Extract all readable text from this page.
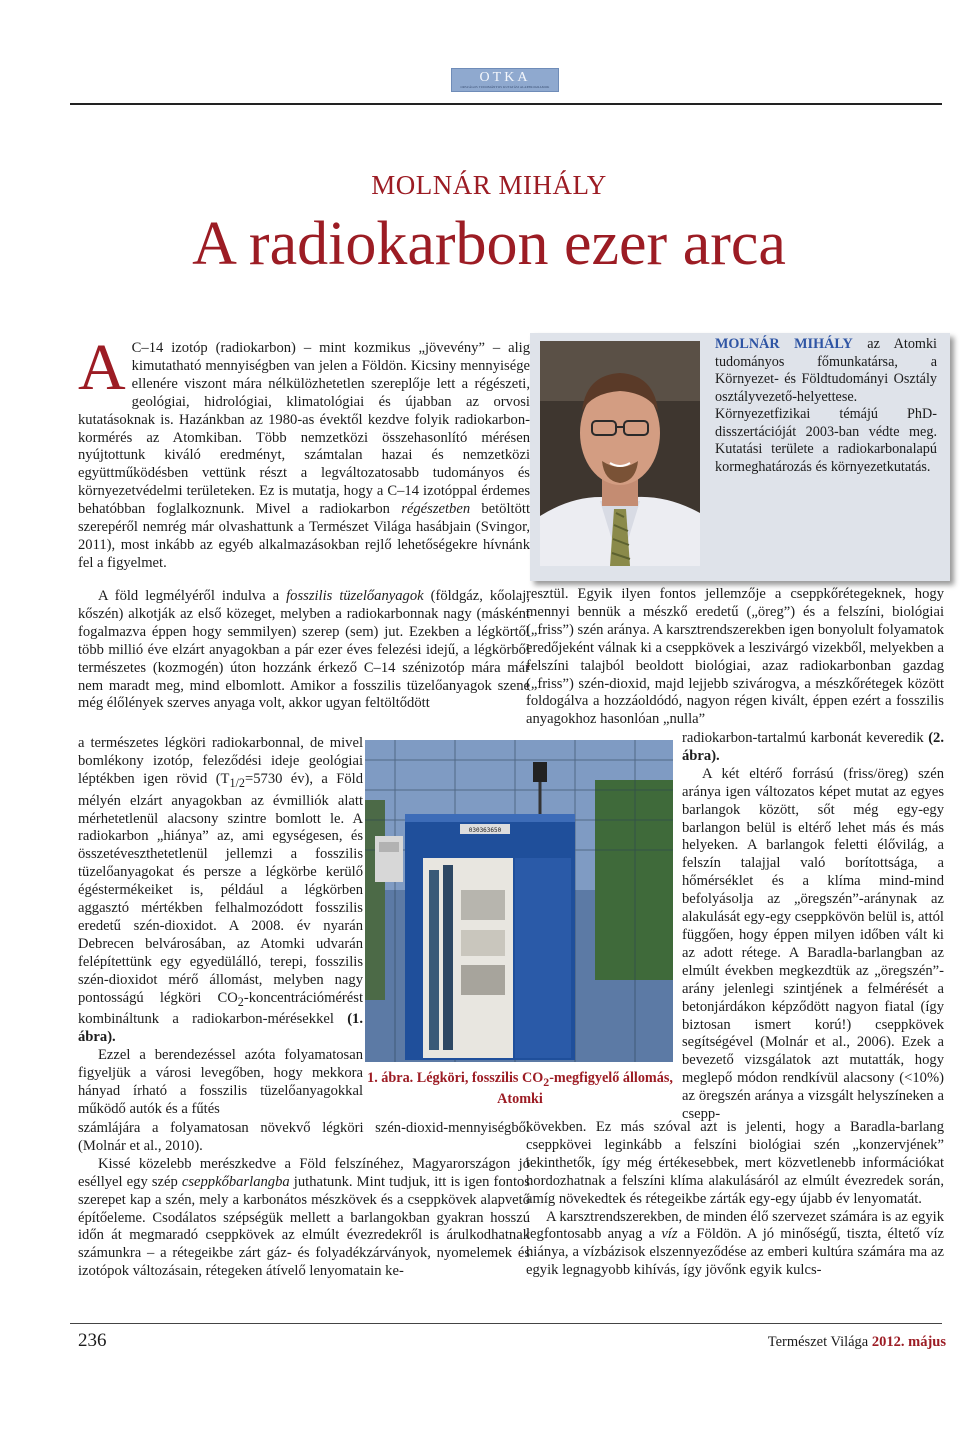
OTKA
ORSZÁGOS TUDOMÁNYOS KUTATÁSI ALAPPROGRAMOK
MOLNÁR MIHÁLY
A radiokarbon ezer arca
A C–14 izotóp (radiokarbon) – mint kozmikus „jövevény” – alig kimutatható mennyiségben van jelen a Földön. Kicsiny mennyisége ellenére viszont mára nélkülözhetetlen szereplője lett a régészeti, geológiai, hidrológiai, klimatológiai és újabban az orvosi kutatásoknak is. Hazánkban az 1980-as évektől kezdve folyik radiokarbon-kormérés az Atomkiban. Több nemzetközi összehasonlító mérésen nyújtottunk kiváló eredményt, számtalan hazai és nemzetközi együttműködésben vettünk részt a legváltozatosabb tudományos és környezetvédelmi területeken. Ez is mutatja, hogy a C–14 izotóppal érdemes behatóbban foglalkoznunk. Mivel a radiokarbon régészetben betöltött szerepéről nemrég már olvashattunk a Természet Világa hasábjain (Svingor, 2011), most inkább az egyéb alkalmazásokban rejlő lehetőségekre hívnánk fel a figyelmet.
MOLNÁR MIHÁLY az Atomki tudományos főmunkatársa, a Környezet- és Földtudományi Osztály osztályvezető-helyettese. Környezetfizikai témájú PhD-disszertációját 2003-ban védte meg. Kutatási területe a radiokarbonalapú kormeghatározás és környezetkutatás.

A föld legmélyéről indulva a fosszilis tüzelőanyagok (földgáz, kőolaj, kőszén) alkotják az első közeget, melyben a radiokarbonnak nagy (másként fogalmazva éppen hogy semmilyen) szerep (sem) jut. Ezekben a légkörtől több millió éve elzárt anyagokban a pár ezer éves felezési idejű, a légkörből természetes (kozmogén) úton hozzánk érkező C–14 szénizotóp mára már nem maradt meg, mind elbomlott. Amikor a fosszilis tüzelőanyagok szene még élőlények szerves anyaga volt, akkor ugyan feltöltődött

a természetes légköri radiokarbonnal, de mivel bomlékony izotóp, feleződési ideje geológiai léptékben igen rövid ($T_{1/2}=5730$ év), a Föld mélyén elzárt anyagokban az évmilliók alatt mérhetetlenül alacsony szintre bomlott le. A radiokarbon „hiánya” az, ami egységesen, és összetéveszthetetlenül jellemzi a fosszilis tüzelőanyagokat és persze a légkörbe kerülő égéstermékeiket is, például a légkörben aggasztó mértékben felhalmozódott fosszilis eredetű szén-dioxidot. A 2008. év nyarán Debrecen belvárosában, az Atomki udvarán felépítettünk egy egyedülálló, terepi, fosszilis szén-dioxidot mérő állomást, melyben nagy pontosságú légköri $CO_2$-koncentrációmérést kombináltunk a radiokarbon-mérésekkel (1. ábra).

Ezzel a berendezéssel azóta folyamatosan figyeljük a városi levegőben, hogy mekkora hányad írható a fosszilis tüzelőanyagokkal működő autók és a fűtés

számlájára a folyamatosan növekvő légköri szén-dioxid-mennyiségből (Molnár et al., 2010).

Kissé közelebb merészkedve a Föld felszínéhez, Magyarországon jó eséllyel egy szép cseppkőbarlangba juthatunk. Mint tudjuk, itt is igen fontos szerepet kap a szén, mely a karbonátos mészkövek és a cseppkövek alapvető építőeleme. Csodálatos szépségük mellett a barlangokban gyakran hosszú időn át megmaradó cseppkövek az elmúlt évezredekről is árulkodhatnak számunkra – a rétegeikbe zárt gáz- és folyadékzárványok, nyomelemek és izotópok változásain, rétegeken átívelő lenyomatain ke-

030363650
1. ábra. Légköri, fosszilis $CO_2$-megfigyelő állomás, Atomki

resztül. Egyik ilyen fontos jellemzője a cseppkőrétegeknek, hogy mennyi bennük a mészkő eredetű („öreg”) és a felszíni, biológiai („friss”) szén aránya. A karsztrendszerekben igen bonyolult folyamatok eredőjeként válnak ki a cseppkövek a leszivárgó vizekből, melyekben a felszíni talajból beoldott biológiai, azaz radiokarbonban gazdag („friss”) szén-dioxid, majd lejjebb szivárogva, a mészkőrétegek között foldogálva a hozzáoldódó, nagyon régen kivált, éppen ezért a fosszilis anyagokhoz hasonlóan „nulla”

radiokarbon-tartalmú karbonát keveredik (2. ábra).

A két eltérő forrású (friss/öreg) szén aránya igen változatos képet mutat az egyes barlangok között, sőt még egy-egy barlangon belül is eltérő lehet más és más helyeken. A barlangok feletti élővilág, a felszín talajjal való borítottsága, a hőmérséklet és a klíma mind-mind befolyásolja az „öregszén”-aránynak az alakulását egy-egy cseppkövön belül is, attól függően, hogy éppen milyen időben vált ki az adott rétege. A Baradla-barlangban az elmúlt években megkezdtük az „öregszén”-arány jelenlegi szintjének a felmérését a betonjárdákon képződött nagyon fiatal (így biztosan ismert korú!) cseppkövek segítségével (Molnár et al., 2006). Ezek a bevezető vizsgálatok azt mutatták, hogy meglepő módon rendkívül alacsony (<10%) az öregszén aránya a vizsgált helyszíneken a csepp-

kövekben. Ez más szóval azt is jelenti, hogy a Baradla-barlang cseppkövei leginkább a felszíni biológiai szén „konzervjének” tekinthetők, így még értékesebbek, mert közvetlenebb információkat hordozhatnak a felszíni klíma alakulásáról az elmúlt évezredek során, amíg növekedtek és rétegeikbe zárták egy-egy újabb év lenyomatát.

A karsztrendszerekben, de minden élő szervezet számára is az egyik legfontosabb anyag a víz a Földön. A jó minőségű, tiszta, éltető víz hiánya, a vízbázisok elszennyeződése az emberi kultúra számára ma az egyik legnagyobb kihívás, így jövőnk egyik kulcs-

236	Természet Világa 2012. május
